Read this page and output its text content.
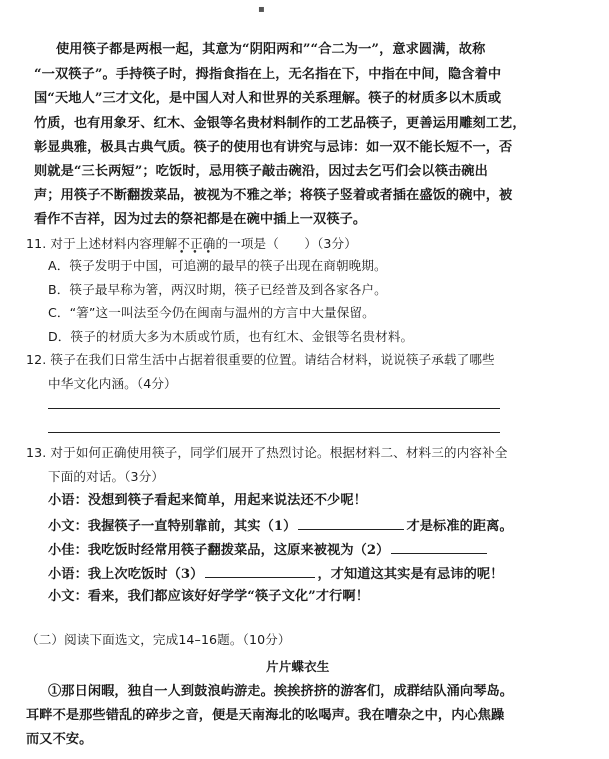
▪
使用筷子都是两根一起，其意为“阴阳两和”“合二为一”，意求圆满，故称
“一双筷子”。手持筷子时，拇指食指在上，无名指在下，中指在中间，隐含着中
国“天地人”三才文化，是中国人对人和世界的关系理解。筷子的材质多以木质或
竹质，也有用象牙、红木、金银等名贵材料制作的工艺品筷子，更善运用雕刻工艺，
彰显典雅，极具古典气质。筷子的使用也有讲究与忌讳：如一双不能长短不一，否
则就是“三长两短”；吃饭时，忌用筷子敲击碗沿，因过去乞丐们会以筷击碗出
声；用筷子不断翻拨菜品，被视为不雅之举；将筷子竖着或者插在盛饭的碗中，被
看作不吉祥，因为过去的祭祀都是在碗中插上一双筷子。
11. 对于上述材料内容理解不正确的一项是（　　）（3分）
•••
A．筷子发明于中国，可追溯的最早的筷子出现在商朝晚期。
B．筷子最早称为箸，两汉时期，筷子已经普及到各家各户。
C．“箸”这一叫法至今仍在闽南与温州的方言中大量保留。
D．筷子的材质大多为木质或竹质，也有红木、金银等名贵材料。
12. 筷子在我们日常生活中占据着很重要的位置。请结合材料，说说筷子承载了哪些
中华文化内涵。（4分）
13. 对于如何正确使用筷子，同学们展开了热烈讨论。根据材料二、材料三的内容补全
下面的对话。（3分）
小语：没想到筷子看起来简单，用起来说法还不少呢！
小文：我握筷子一直特别靠前，其实（1）	才是标准的距离。
小佳：我吃饭时经常用筷子翻拨菜品，这原来被视为（2）
小语：我上次吃饭时（3）	，才知道这其实是有忌讳的呢！
小文：看来，我们都应该好好学学“筷子文化”才行啊！
（二）阅读下面选文，完成14–16题。（10分）
片片蝶衣生
①那日闲暇，独自一人到鼓浪屿游走。挨挨挤挤的游客们，成群结队涌向琴岛。
耳畔不是那些错乱的碎步之音，便是天南海北的吆喝声。我在嘈杂之中，内心焦躁
而又不安。
